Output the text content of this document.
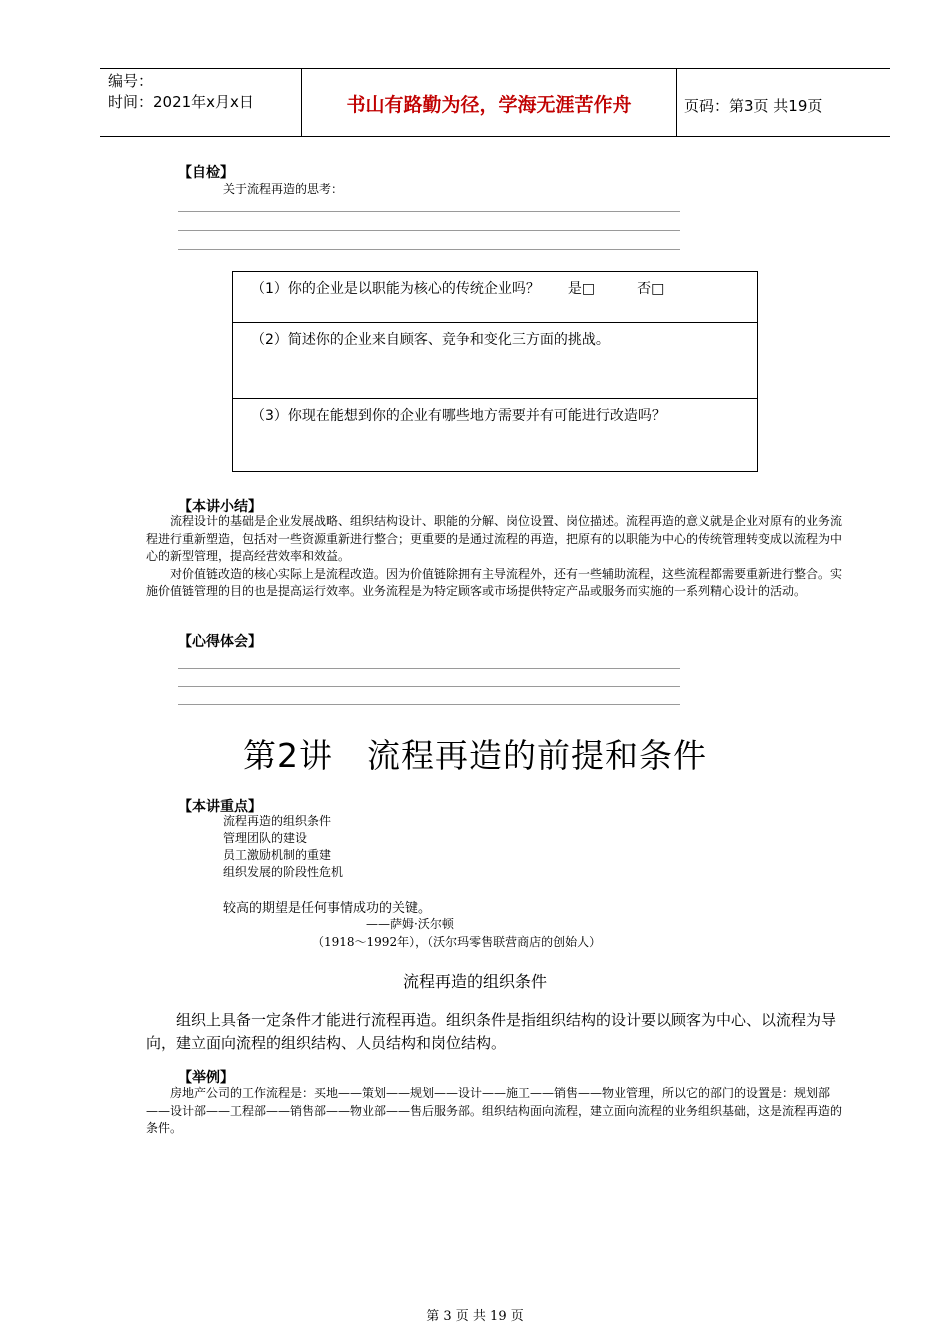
编号：
时间：2021年x月x日	书山有路勤为径，学海无涯苦作舟	页码：第3页 共19页
【自检】
关于流程再造的思考：
（1）你的企业是以职能为核心的传统企业吗？　　是□　　　否□
（2）简述你的企业来自顾客、竞争和变化三方面的挑战。
（3）你现在能想到你的企业有哪些地方需要并有可能进行改造吗？
【本讲小结】

流程设计的基础是企业发展战略、组织结构设计、职能的分解、岗位设置、岗位描述。流程再造的意义就是企业对原有的业务流程进行重新塑造，包括对一些资源重新进行整合；更重要的是通过流程的再造，把原有的以职能为中心的传统管理转变成以流程为中心的新型管理，提高经营效率和效益。

对价值链改造的核心实际上是流程改造。因为价值链除拥有主导流程外，还有一些辅助流程，这些流程都需要重新进行整合。实施价值链管理的目的也是提高运行效率。业务流程是为特定顾客或市场提供特定产品或服务而实施的一系列精心设计的活动。

【心得体会】
第2讲　流程再造的前提和条件
【本讲重点】
流程再造的组织条件
管理团队的建设
员工激励机制的重建
组织发展的阶段性危机
较高的期望是任何事情成功的关键。
——萨姆·沃尔顿
（1918～1992年），（沃尔玛零售联营商店的创始人）
流程再造的组织条件

组织上具备一定条件才能进行流程再造。组织条件是指组织结构的设计要以顾客为中心、以流程为导向，建立面向流程的组织结构、人员结构和岗位结构。

【举例】

房地产公司的工作流程是：买地——策划——规划——设计——施工——销售——物业管理，所以它的部门的设置是：规划部——设计部——工程部——销售部——物业部——售后服务部。组织结构面向流程，建立面向流程的业务组织基础，这是流程再造的条件。

第 3 页 共 19 页
